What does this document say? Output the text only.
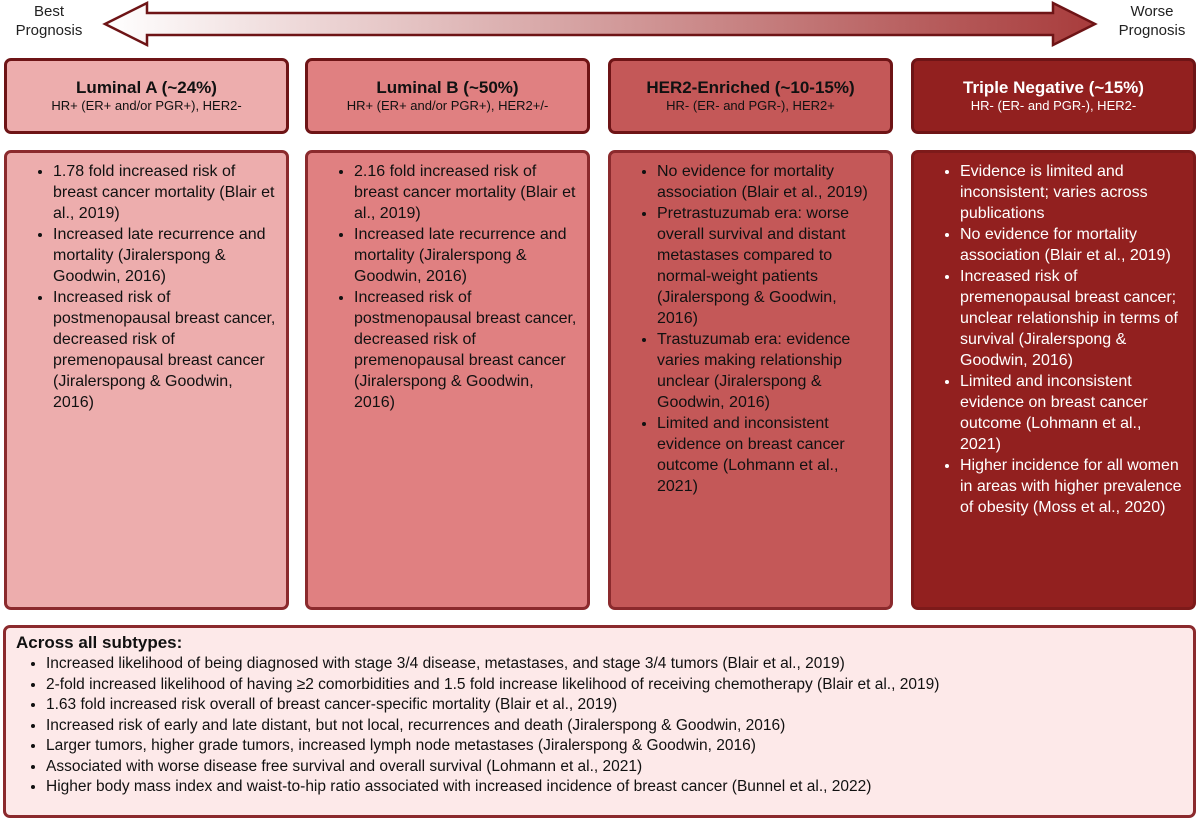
Best Prognosis
Worse Prognosis
Luminal A (~24%)
HR+ (ER+ and/or PGR+), HER2-
Luminal B (~50%)
HR+ (ER+ and/or PGR+), HER2+/-
HER2-Enriched (~10-15%)
HR- (ER- and PGR-), HER2+
Triple Negative (~15%)
HR- (ER- and PGR-), HER2-
• 1.78 fold increased risk of breast cancer mortality (Blair et al., 2019)
• Increased late recurrence and mortality (Jiralerspong & Goodwin, 2016)
• Increased risk of postmenopausal breast cancer, decreased risk of premenopausal breast cancer (Jiralerspong & Goodwin, 2016)
• 2.16 fold increased risk of breast cancer mortality (Blair et al., 2019)
• Increased late recurrence and mortality (Jiralerspong & Goodwin, 2016)
• Increased risk of postmenopausal breast cancer, decreased risk of premenopausal breast cancer (Jiralerspong & Goodwin, 2016)
• No evidence for mortality association (Blair et al., 2019)
• Pretrastuzumab era: worse overall survival and distant metastases compared to normal-weight patients (Jiralerspong & Goodwin, 2016)
• Trastuzumab era: evidence varies making relationship unclear (Jiralerspong & Goodwin, 2016)
• Limited and inconsistent evidence on breast cancer outcome (Lohmann et al., 2021)
• Evidence is limited and inconsistent; varies across publications
• No evidence for mortality association (Blair et al., 2019)
• Increased risk of premenopausal breast cancer; unclear relationship in terms of survival (Jiralerspong & Goodwin, 2016)
• Limited and inconsistent evidence on breast cancer outcome (Lohmann et al., 2021)
• Higher incidence for all women in areas with higher prevalence of obesity (Moss et al., 2020)
Across all subtypes:
• Increased likelihood of being diagnosed with stage 3/4 disease, metastases, and stage 3/4 tumors (Blair et al., 2019)
• 2-fold increased likelihood of having ≥2 comorbidities and 1.5 fold increase likelihood of receiving chemotherapy (Blair et al., 2019)
• 1.63 fold increased risk overall of breast cancer-specific mortality (Blair et al., 2019)
• Increased risk of early and late distant, but not local, recurrences and death (Jiralerspong & Goodwin, 2016)
• Larger tumors, higher grade tumors, increased lymph node metastases (Jiralerspong & Goodwin, 2016)
• Associated with worse disease free survival and overall survival (Lohmann et al., 2021)
• Higher body mass index and waist-to-hip ratio associated with increased incidence of breast cancer (Bunnel et al., 2022)
